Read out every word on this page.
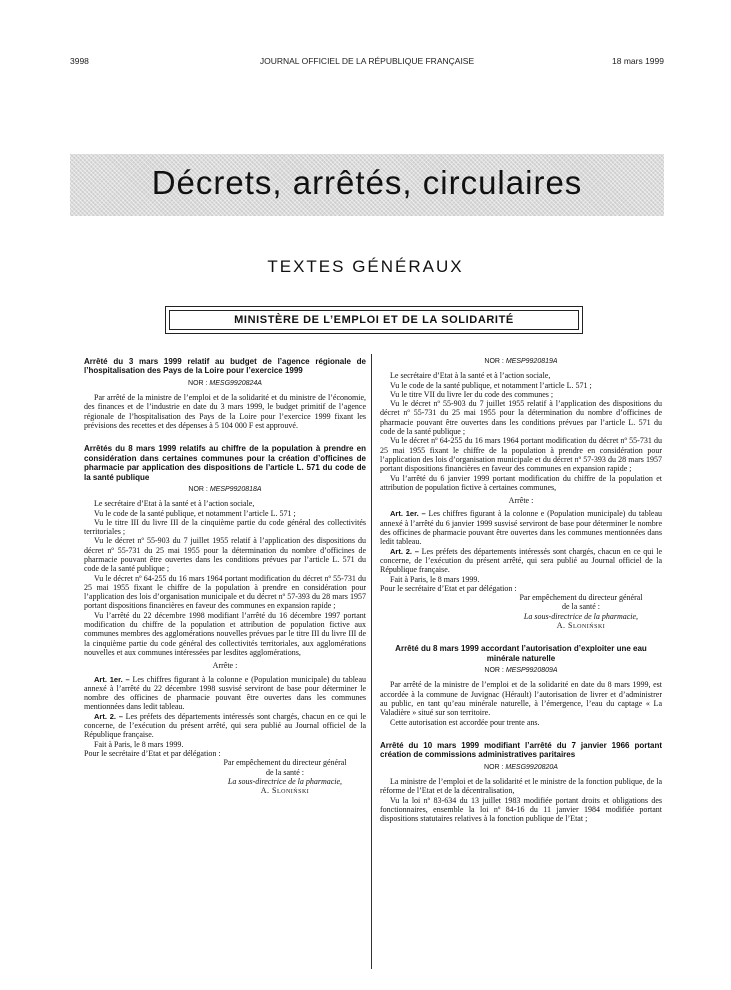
3998	JOURNAL OFFICIEL DE LA RÉPUBLIQUE FRANÇAISE	18 mars 1999
Décrets, arrêtés, circulaires
TEXTES GÉNÉRAUX
MINISTÈRE DE L’EMPLOI ET DE LA SOLIDARITÉ
Arrêté du 3 mars 1999 relatif au budget de l’agence régionale de l’hospitalisation des Pays de la Loire pour l’exercice 1999
NOR : MESG9920824A

Par arrêté de la ministre de l’emploi et de la solidarité et du ministre de l’économie, des finances et de l’industrie en date du 3 mars 1999, le budget primitif de l’agence régionale de l’hospitalisation des Pays de la Loire pour l’exercice 1999 fixant les prévisions des recettes et des dépenses à 5 104 000 F est approuvé.

Arrêtés du 8 mars 1999 relatifs au chiffre de la population à prendre en considération dans certaines communes pour la création d’officines de pharmacie par application des dispositions de l’article L. 571 du code de la santé publique
NOR : MESP9920818A

Le secrétaire d’Etat à la santé et à l’action sociale,

Vu le code de la santé publique, et notamment l’article L. 571 ;

Vu le titre III du livre III de la cinquième partie du code général des collectivités territoriales ;

Vu le décret nº 55-903 du 7 juillet 1955 relatif à l’application des dispositions du décret nº 55-731 du 25 mai 1955 pour la détermination du nombre d’officines de pharmacie pouvant être ouvertes dans les conditions prévues par l’article L. 571 du code de la santé publique ;

Vu le décret nº 64-255 du 16 mars 1964 portant modification du décret nº 55-731 du 25 mai 1955 fixant le chiffre de la population à prendre en considération pour l’application des lois d’organisation municipale et du décret nº 57-393 du 28 mars 1957 portant dispositions financières en faveur des communes en expansion rapide ;

Vu l’arrêté du 22 décembre 1998 modifiant l’arrêté du 16 décembre 1997 portant modification du chiffre de la population et attribution de population fictive aux communes membres des agglomérations nouvelles prévues par le titre III du livre III de la cinquième partie du code général des collectivités territoriales, aux agglomérations nouvelles et aux communes intéressées par lesdites agglomérations,

Arrête :

Art. 1er. – Les chiffres figurant à la colonne e (Population municipale) du tableau annexé à l’arrêté du 22 décembre 1998 susvisé serviront de base pour déterminer le nombre des officines de pharmacie pouvant être ouvertes dans les communes mentionnées dans ledit tableau.

Art. 2. – Les préfets des départements intéressés sont chargés, chacun en ce qui le concerne, de l’exécution du présent arrêté, qui sera publié au Journal officiel de la République française.

Fait à Paris, le 8 mars 1999.

Pour le secrétaire d’Etat et par délégation :

Par empêchement du directeur général

de la santé :

La sous-directrice de la pharmacie,

A. Sloniński

NOR : MESP9920819A

Le secrétaire d’Etat à la santé et à l’action sociale,

Vu le code de la santé publique, et notamment l’article L. 571 ;

Vu le titre VII du livre Ier du code des communes ;

Vu le décret nº 55-903 du 7 juillet 1955 relatif à l’application des dispositions du décret nº 55-731 du 25 mai 1955 pour la détermination du nombre d’officines de pharmacie pouvant être ouvertes dans les conditions prévues par l’article L. 571 du code de la santé publique ;

Vu le décret nº 64-255 du 16 mars 1964 portant modification du décret nº 55-731 du 25 mai 1955 fixant le chiffre de la population à prendre en considération pour l’application des lois d’organisation municipale et du décret nº 57-393 du 28 mars 1957 portant dispositions financières en faveur des communes en expansion rapide ;

Vu l’arrêté du 6 janvier 1999 portant modification du chiffre de la population et attribution de population fictive à certaines communes,

Arrête :

Art. 1er. – Les chiffres figurant à la colonne e (Population municipale) du tableau annexé à l’arrêté du 6 janvier 1999 susvisé serviront de base pour déterminer le nombre des officines de pharmacie pouvant être ouvertes dans les communes mentionnées dans ledit tableau.

Art. 2. – Les préfets des départements intéressés sont chargés, chacun en ce qui le concerne, de l’exécution du présent arrêté, qui sera publié au Journal officiel de la République française.

Fait à Paris, le 8 mars 1999.

Pour le secrétaire d’Etat et par délégation :

Par empêchement du directeur général

de la santé :

La sous-directrice de la pharmacie,

A. Sloniński

Arrêté du 8 mars 1999 accordant l’autorisation d’exploiter une eau minérale naturelle
NOR : MESP9920809A

Par arrêté de la ministre de l’emploi et de la solidarité en date du 8 mars 1999, est accordée à la commune de Juvignac (Hérault) l’autorisation de livrer et d’administrer au public, en tant qu’eau minérale naturelle, à l’émergence, l’eau du captage « La Valadière » situé sur son territoire.

Cette autorisation est accordée pour trente ans.

Arrêté du 10 mars 1999 modifiant l’arrêté du 7 janvier 1966 portant création de commissions administratives paritaires
NOR : MESG9920820A

La ministre de l’emploi et de la solidarité et le ministre de la fonction publique, de la réforme de l’Etat et de la décentralisation,

Vu la loi nº 83-634 du 13 juillet 1983 modifiée portant droits et obligations des fonctionnaires, ensemble la loi nº 84-16 du 11 janvier 1984 modifiée portant dispositions statutaires relatives à la fonction publique de l’Etat ;
